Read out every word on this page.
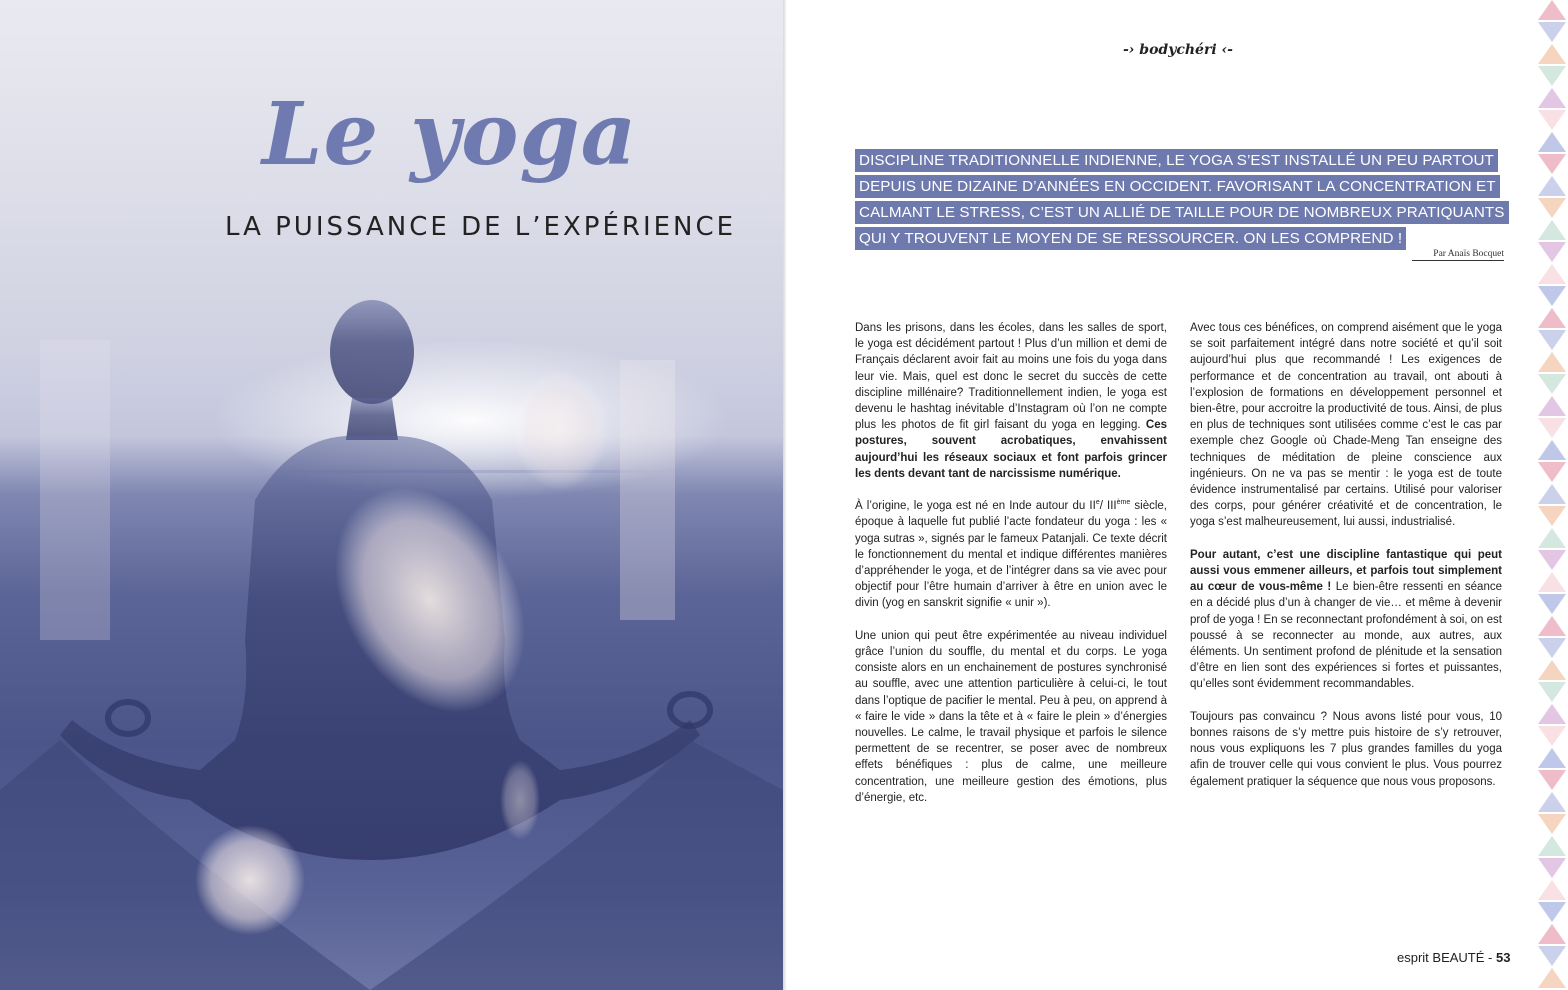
Le yoga
LA PUISSANCE DE L’EXPÉRIENCE
-› bodychéri ‹-

DISCIPLINE TRADITIONNELLE INDIENNE, LE YOGA S’EST INSTALLÉ UN PEU PARTOUT DEPUIS UNE DIZAINE D’ANNÉES EN OCCIDENT. FAVORISANT LA CONCENTRATION ET CALMANT LE STRESS, C’EST UN ALLIÉ DE TAILLE POUR DE NOMBREUX PRATIQUANTS QUI Y TROUVENT LE MOYEN DE SE RESSOURCER. ON LES COMPREND !

Par Anaïs Bocquet

Dans les prisons, dans les écoles, dans les salles de sport, le yoga est décidément partout ! Plus d’un million et demi de Français déclarent avoir fait au moins une fois du yoga dans leur vie. Mais, quel est donc le secret du succès de cette discipline millénaire? Traditionnellement indien, le yoga est devenu le hashtag inévitable d’Instagram où l’on ne compte plus les photos de fit girl faisant du yoga en legging. Ces postures, souvent acrobatiques, envahissent aujourd’hui les réseaux sociaux et font parfois grincer les dents devant tant de narcissisme numérique.

À l’origine, le yoga est né en Inde autour du IIe/ IIIème siècle, époque à laquelle fut publié l’acte fondateur du yoga : les « yoga sutras », signés par le fameux Patanjali. Ce texte décrit le fonctionnement du mental et indique différentes manières d’appréhender le yoga, et de l’intégrer dans sa vie avec pour objectif pour l’être humain d’arriver à être en union avec le divin (yog en sanskrit signifie « unir »).

Une union qui peut être expérimentée au niveau individuel grâce l’union du souffle, du mental et du corps. Le yoga consiste alors en un enchainement de postures synchronisé au souffle, avec une attention particulière à celui-ci, le tout dans l’optique de pacifier le mental. Peu à peu, on apprend à « faire le vide » dans la tête et à « faire le plein » d’énergies nouvelles. Le calme, le travail physique et parfois le silence permettent de se recentrer, se poser avec de nombreux effets bénéfiques : plus de calme, une meilleure concentration, une meilleure gestion des émotions, plus d’énergie, etc.

Avec tous ces bénéfices, on comprend aisément que le yoga se soit parfaitement intégré dans notre société et qu’il soit aujourd’hui plus que recommandé ! Les exigences de performance et de concentration au travail, ont abouti à l’explosion de formations en développement personnel et bien-être, pour accroitre la productivité de tous. Ainsi, de plus en plus de techniques sont utilisées comme c’est le cas par exemple chez Google où Chade-Meng Tan enseigne des techniques de méditation de pleine conscience aux ingénieurs. On ne va pas se mentir : le yoga est de toute évidence instrumentalisé par certains. Utilisé pour valoriser des corps, pour générer créativité et de concentration, le yoga s’est malheureusement, lui aussi, industrialisé.

Pour autant, c’est une discipline fantastique qui peut aussi vous emmener ailleurs, et parfois tout simplement au cœur de vous-même ! Le bien-être ressenti en séance en a décidé plus d’un à changer de vie… et même à devenir prof de yoga ! En se reconnectant profondément à soi, on est poussé à se reconnecter au monde, aux autres, aux éléments. Un sentiment profond de plénitude et la sensation d’être en lien sont des expériences si fortes et puissantes, qu’elles sont évidemment recommandables.

Toujours pas convaincu ? Nous avons listé pour vous, 10 bonnes raisons de s’y mettre puis histoire de s’y retrouver, nous vous expliquons les 7 plus grandes familles du yoga afin de trouver celle qui vous convient le plus. Vous pourrez également pratiquer la séquence que nous vous proposons.

esprit BEAUTÉ - 53
